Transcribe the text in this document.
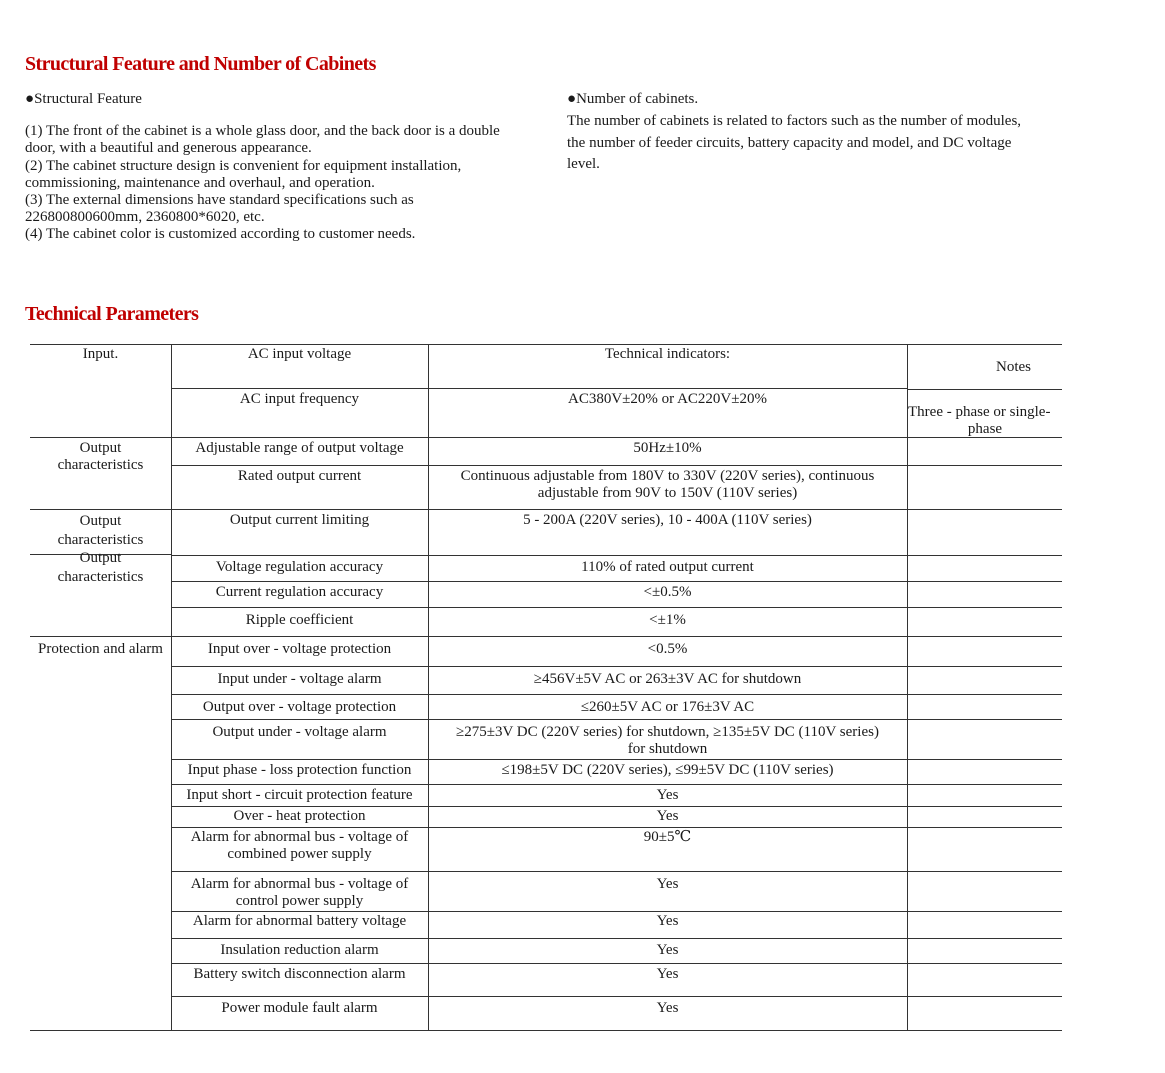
Structural Feature and Number of Cabinets
●Structural Feature
(1) The front of the cabinet is a whole glass door, and the back door is a double
door, with a beautiful and generous appearance.
(2) The cabinet structure design is convenient for equipment installation,
commissioning, maintenance and overhaul, and operation.
(3) The external dimensions have standard specifications such as
226800800600mm, 2360800*6020, etc.
(4) The cabinet color is customized according to customer needs.
●Number of cabinets.
The number of cabinets is related to factors such as the number of modules,
the number of feeder circuits, battery capacity and model, and DC voltage
level.
Technical Parameters
Input.
Output
characteristics
Output
characteristics
Output
characteristics
Protection and alarm
AC input voltage
AC input frequency
Adjustable range of output voltage
Rated output current
Output current limiting
Voltage regulation accuracy
Current regulation accuracy
Ripple coefficient
Input over - voltage protection
Input under - voltage alarm
Output over - voltage protection
Output under - voltage alarm
Input phase - loss protection function
Input short - circuit protection feature
Over - heat protection
Alarm for abnormal bus - voltage of
combined power supply
Alarm for abnormal bus - voltage of
control power supply
Alarm for abnormal battery voltage
Insulation reduction alarm
Battery switch disconnection alarm
Power module fault alarm
Technical indicators:
AC380V±20% or AC220V±20%
50Hz±10%
Continuous adjustable from 180V to 330V (220V series), continuous
adjustable from 90V to 150V (110V series)
5 - 200A (220V series), 10 - 400A (110V series)
110% of rated output current
<±0.5%
<±1%
<0.5%
≥456V±5V AC or 263±3V AC for shutdown
≤260±5V AC or 176±3V AC
≥275±3V DC (220V series) for shutdown, ≥135±5V DC (110V series)
for shutdown
≤198±5V DC (220V series), ≤99±5V DC (110V series)
Yes
Yes
90±5℃
Yes
Yes
Yes
Yes
Yes
Notes
Three - phase or single-
phase
